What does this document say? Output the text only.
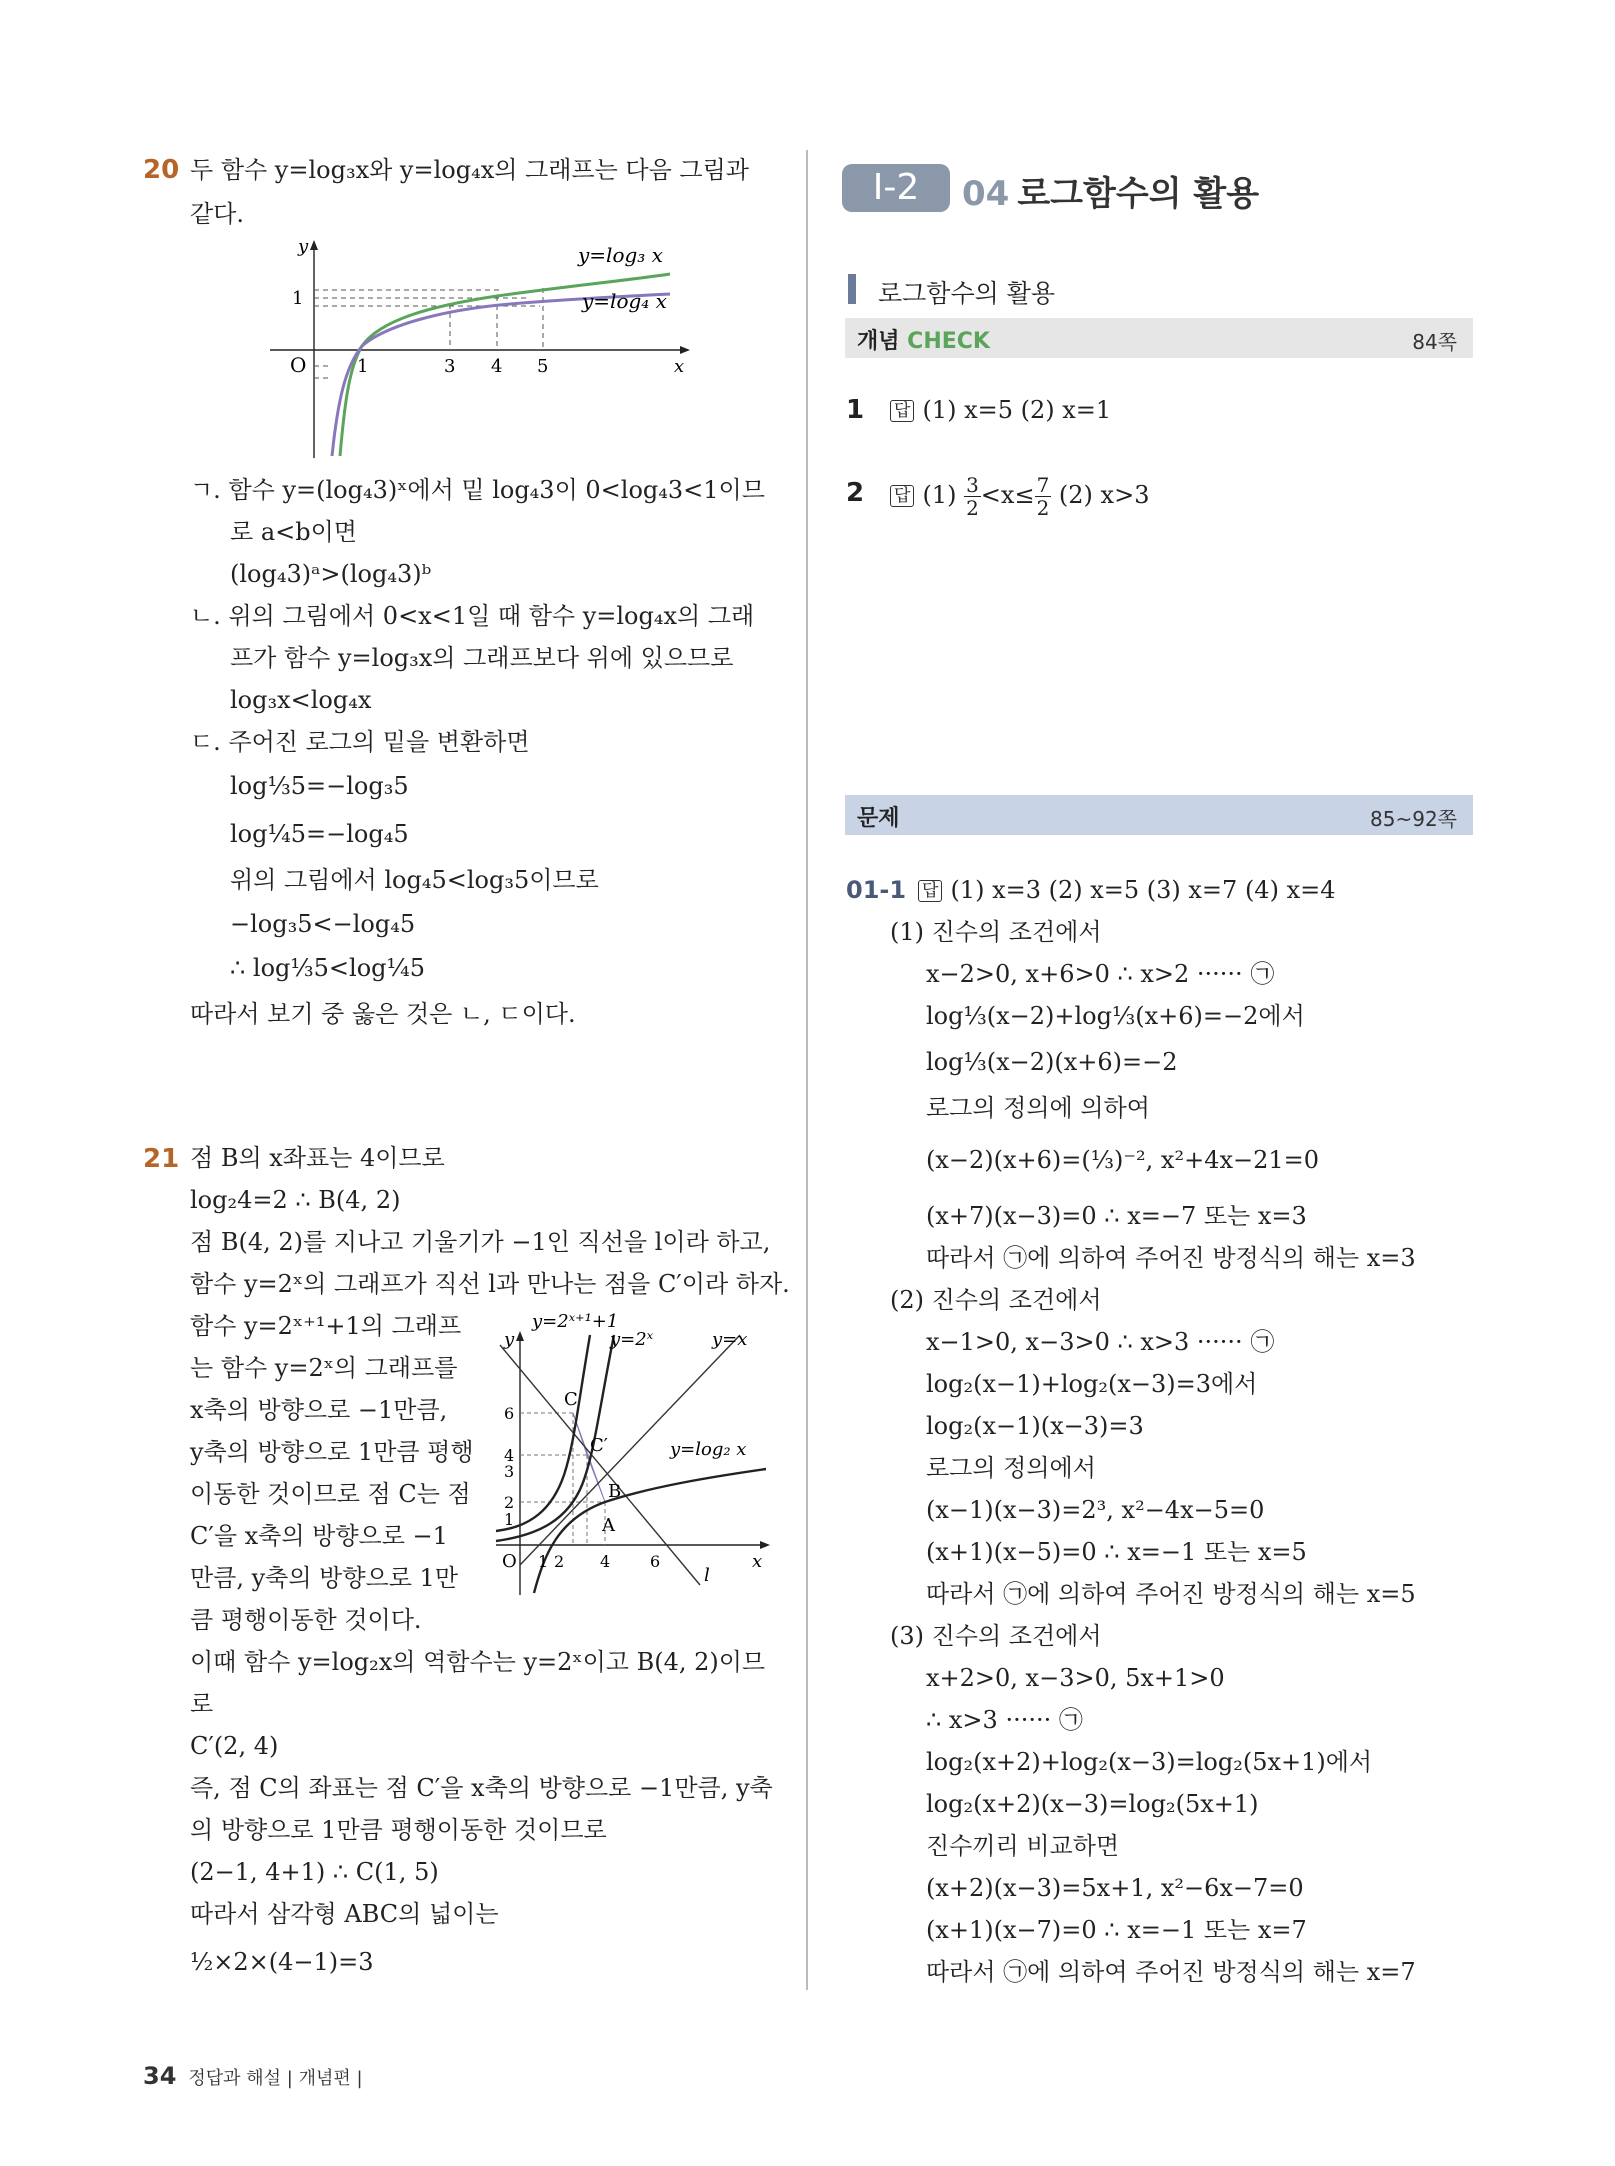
20 두 함수 y=log₃x와 y=log₄x의 그래프는 다음 그림과
같다.
y
x
O
1
1	3 4 5
y=log₃ x
y=log₄ x
ㄱ. 함수 y=(log₄3)ˣ에서 밑 log₄3이 0<log₄3<1이므
로 a<b이면
(log₄3)ᵃ>(log₄3)ᵇ
ㄴ. 위의 그림에서 0<x<1일 때 함수 y=log₄x의 그래
프가 함수 y=log₃x의 그래프보다 위에 있으므로
log₃x<log₄x
ㄷ. 주어진 로그의 밑을 변환하면
log⅓5=−log₃5
log¼5=−log₄5
위의 그림에서 log₄5<log₃5이므로
−log₃5<−log₄5
∴ log⅓5<log¼5
따라서 보기 중 옳은 것은 ㄴ, ㄷ이다.
21 점 B의 x좌표는 4이므로
log₂4=2 ∴ B(4, 2)
점 B(4, 2)를 지나고 기울기가 −1인 직선을 l이라 하고,
함수 y=2ˣ의 그래프가 직선 l과 만나는 점을 C′이라 하자.
함수 y=2ˣ⁺¹+1의 그래프
는 함수 y=2ˣ의 그래프를
x축의 방향으로 −1만큼,
y축의 방향으로 1만큼 평행
이동한 것이므로 점 C는 점
C′을 x축의 방향으로 −1
만큼, y축의 방향으로 1만
큼 평행이동한 것이다.
y=2ˣ⁺¹+1
y=2ˣ	y=x
y=log₂ x
l
y
x
O
6
4
3
2
1
1 2 4 6
C
C′
B
A
이때 함수 y=log₂x의 역함수는 y=2ˣ이고 B(4, 2)이므
로
C′(2, 4)
즉, 점 C의 좌표는 점 C′을 x축의 방향으로 −1만큼, y축
의 방향으로 1만큼 평행이동한 것이므로
(2−1, 4+1) ∴ C(1, 5)
따라서 삼각형 ABC의 넓이는
½×2×(4−1)=3
Ⅰ-2	04 로그함수의 활용
로그함수의 활용
개념 CHECK	84쪽
1 답 (1) x=5 (2) x=1
2 답 $(1) \frac{3}{2} <x\le \frac{7}{2} (2)$ x>3
문제	85~92쪽
01-1 답 (1) x=3 (2) x=5 (3) x=7 (4) x=4
(1) 진수의 조건에서
x−2>0, x+6>0 ∴ x>2 ······ ㉠
log⅓(x−2)+log⅓(x+6)=−2에서
log⅓(x−2)(x+6)=−2
로그의 정의에 의하여
(x−2)(x+6)=(⅓)⁻², x²+4x−21=0
(x+7)(x−3)=0 ∴ x=−7 또는 x=3
따라서 ㉠에 의하여 주어진 방정식의 해는 x=3
(2) 진수의 조건에서
x−1>0, x−3>0 ∴ x>3 ······ ㉠
log₂(x−1)+log₂(x−3)=3에서
log₂(x−1)(x−3)=3
로그의 정의에서
(x−1)(x−3)=2³, x²−4x−5=0
(x+1)(x−5)=0 ∴ x=−1 또는 x=5
따라서 ㉠에 의하여 주어진 방정식의 해는 x=5
(3) 진수의 조건에서
x+2>0, x−3>0, 5x+1>0
∴ x>3 ······ ㉠
log₂(x+2)+log₂(x−3)=log₂(5x+1)에서
log₂(x+2)(x−3)=log₂(5x+1)
진수끼리 비교하면
(x+2)(x−3)=5x+1, x²−6x−7=0
(x+1)(x−7)=0 ∴ x=−1 또는 x=7
따라서 ㉠에 의하여 주어진 방정식의 해는 x=7
34 정답과 해설 | 개념편 |
